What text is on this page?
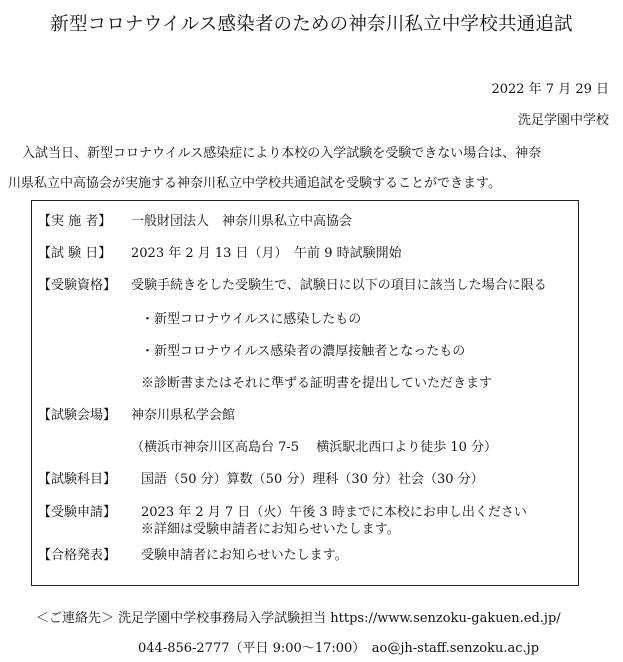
新型コロナウイルス感染者のための神奈川私立中学校共通追試
2022 年 7 月 29 日
洗足学園中学校
入試当日、新型コロナウイルス感染症により本校の入学試験を受験できない場合は、神奈
川県私立中高協会が実施する神奈川私立中学校共通追試を受験することができます。
【実 施 者】 一般財団法人　神奈川県私立中高協会
【試 験 日】 2023 年 2 月 13 日（月）　午前 9 時試験開始
【受験資格】 受験手続きをした受験生で、試験日に以下の項目に該当した場合に限る
・新型コロナウイルスに感染したもの
・新型コロナウイルス感染者の濃厚接触者となったもの
※診断書またはそれに準ずる証明書を提出していただきます
【試験会場】 神奈川県私学会館
（横浜市神奈川区高島台 7-5　 横浜駅北西口より徒歩 10 分）
【試験科目】 国語（50 分）算数（50 分）理科（30 分）社会（30 分）
【受験申請】 2023 年 2 月 7 日（火）午後 3 時までに本校にお申し出ください
※詳細は受験申請者にお知らせいたします。
【合格発表】 受験申請者にお知らせいたします。
＜ご連絡先＞ 洗足学園中学校事務局入学試験担当 https://www.senzoku-gakuen.ed.jp/
044-856-2777（平日 9:00～17:00）　ao@jh-staff.senzoku.ac.jp
